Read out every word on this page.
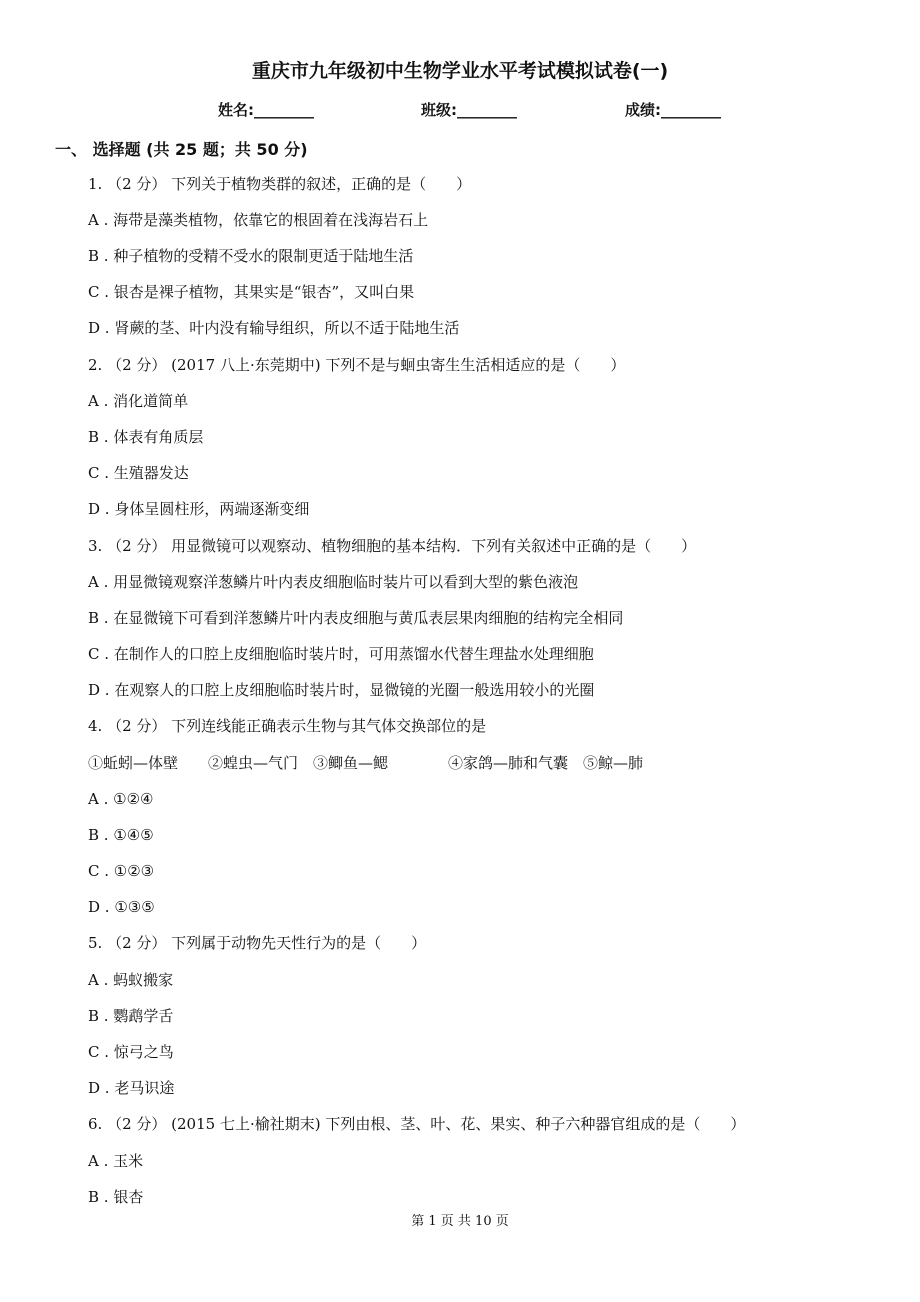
重庆市九年级初中生物学业水平考试模拟试卷(一)
姓名:________	班级:________	成绩:________
一、 选择题 (共 25 题；共 50 分)
1. （2 分） 下列关于植物类群的叙述，正确的是（　　）
A . 海带是藻类植物，依靠它的根固着在浅海岩石上
B . 种子植物的受精不受水的限制更适于陆地生活
C . 银杏是裸子植物，其果实是“银杏”，又叫白果
D . 肾蕨的茎、叶内没有输导组织，所以不适于陆地生活
2. （2 分） (2017 八上·东莞期中) 下列不是与蛔虫寄生生活相适应的是（　　）
A . 消化道简单
B . 体表有角质层
C . 生殖器发达
D . 身体呈圆柱形，两端逐渐变细
3. （2 分） 用显微镜可以观察动、植物细胞的基本结构．下列有关叙述中正确的是（　　）
A . 用显微镜观察洋葱鳞片叶内表皮细胞临时装片可以看到大型的紫色液泡
B . 在显微镜下可看到洋葱鳞片叶内表皮细胞与黄瓜表层果肉细胞的结构完全相同
C . 在制作人的口腔上皮细胞临时装片时，可用蒸馏水代替生理盐水处理细胞
D . 在观察人的口腔上皮细胞临时装片时，显微镜的光圈一般选用较小的光圈
4. （2 分） 下列连线能正确表示生物与其气体交换部位的是
①蚯蚓—体壁　　②蝗虫—气门　③鲫鱼—鳃　　　　④家鸽—肺和气囊　⑤鲸—肺
A . ①②④
B . ①④⑤
C . ①②③
D . ①③⑤
5. （2 分） 下列属于动物先天性行为的是（　　）
A . 蚂蚁搬家
B . 鹦鹉学舌
C . 惊弓之鸟
D . 老马识途
6. （2 分） (2015 七上·榆社期末) 下列由根、茎、叶、花、果实、种子六种器官组成的是（　　）
A . 玉米
B . 银杏
第 1 页 共 10 页
